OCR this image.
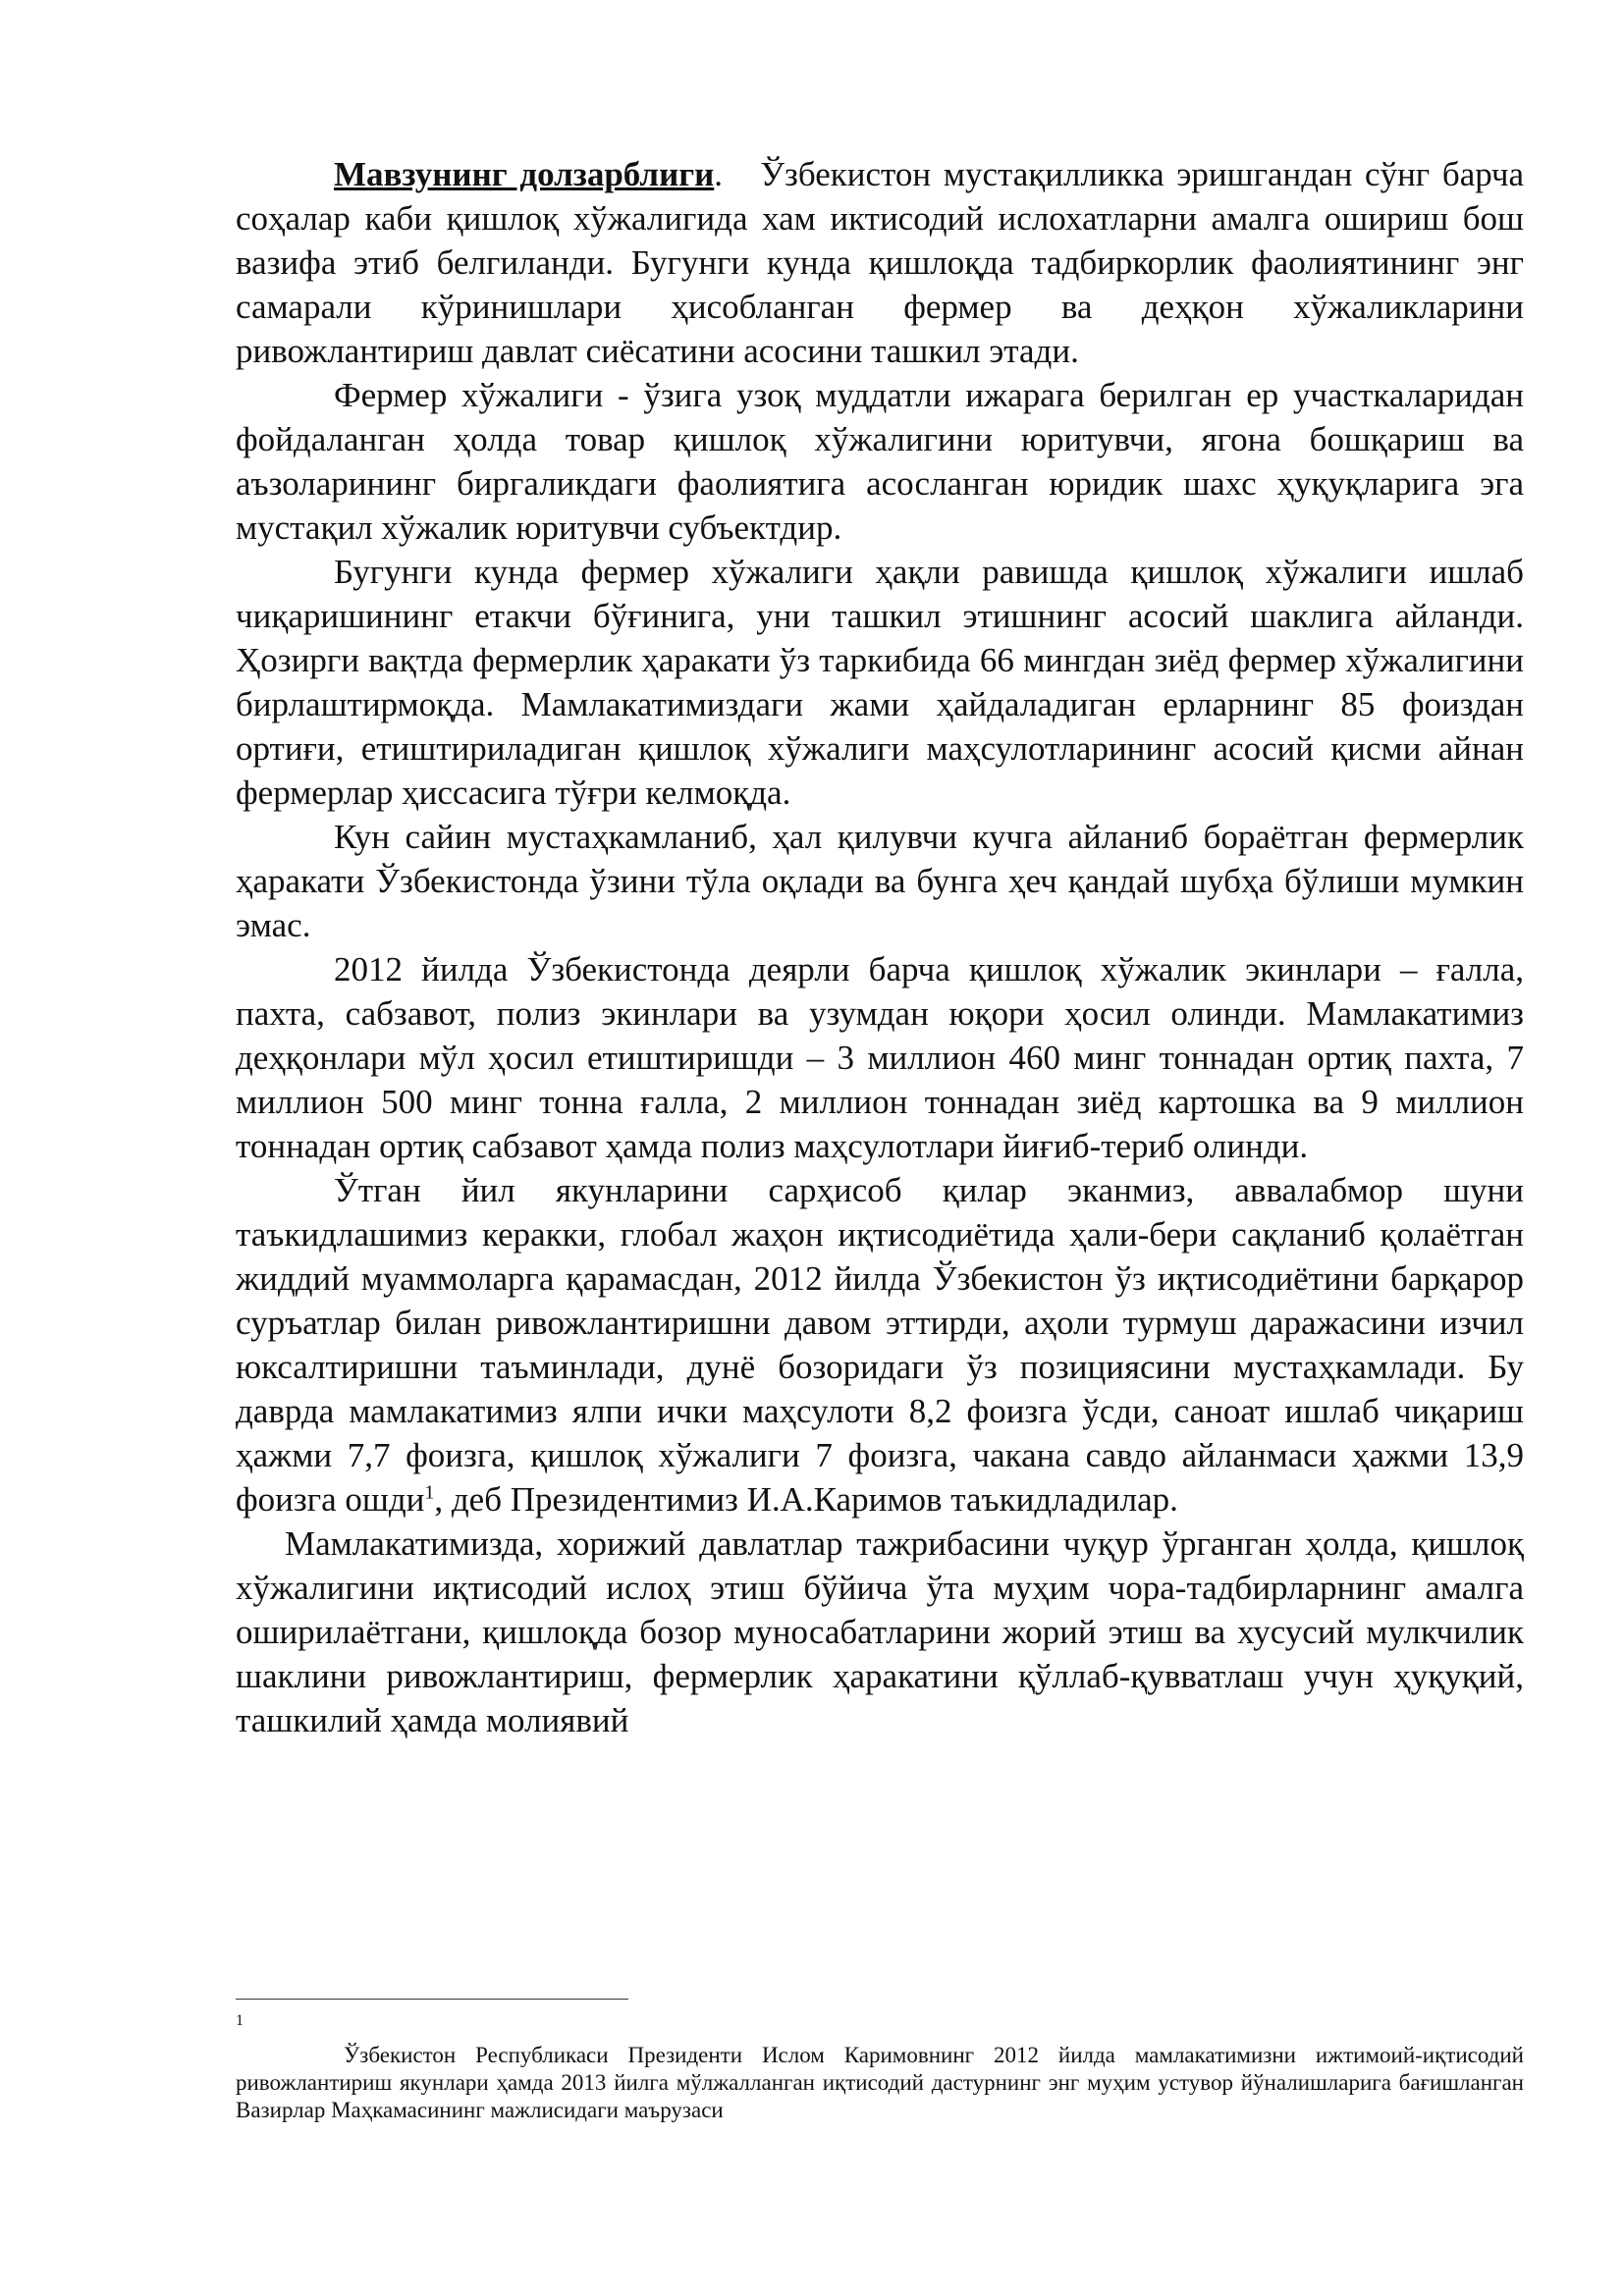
Мавзунинг долзарблиги. Ўзбекистон мустақилликка эришгандан сўнг барча соҳалар каби қишлоқ хўжалигида хам иктисодий ислохатларни амалга ошириш бош вазифа этиб белгиланди. Бугунги кунда қишлоқда тадбиркорлик фаолиятининг энг самарали кўринишлари ҳисобланган фермер ва деҳқон хўжаликларини ривожлантириш давлат сиёсатини асосини ташкил этади.

Фермер хўжалиги - ўзига узоқ муддатли ижарага берилган ер участкаларидан фойдаланган ҳолда товар қишлоқ хўжалигини юритувчи, ягона бошқариш ва аъзоларининг биргаликдаги фаолиятига асосланган юридик шахс ҳуқуқларига эга мустақил хўжалик юритувчи субъектдир.

Бугунги кунда фермер хўжалиги ҳақли равишда қишлоқ хўжалиги ишлаб чиқаришининг етакчи бўғинига, уни ташкил этишнинг асосий шаклига айланди. Ҳозирги вақтда фермерлик ҳаракати ўз таркибида 66 мингдан зиёд фермер хўжалигини бирлаштирмоқда. Мамлакатимиздаги жами ҳайдаладиган ерларнинг 85 фоиздан ортиғи, етиштириладиган қишлоқ хўжалиги маҳсулотларининг асосий қисми айнан фермерлар ҳиссасига тўғри келмоқда.

Кун сайин мустаҳкамланиб, ҳал қилувчи кучга айланиб бораётган фермерлик ҳаракати Ўзбекистонда ўзини тўла оқлади ва бунга ҳеч қандай шубҳа бўлиши мумкин эмас.

2012 йилда Ўзбекистонда деярли барча қишлоқ хўжалик экинлари – ғалла, пахта, сабзавот, полиз экинлари ва узумдан юқори ҳосил олинди. Мамлакатимиз деҳқонлари мўл ҳосил етиштиришди – 3 миллион 460 минг тоннадан ортиқ пахта, 7 миллион 500 минг тонна ғалла, 2 миллион тоннадан зиёд картошка ва 9 миллион тоннадан ортиқ сабзавот ҳамда полиз маҳсулотлари йиғиб-териб олинди.

Ўтган йил якунларини сарҳисоб қилар эканмиз, аввалабмор шуни таъкидлашимиз керакки, глобал жаҳон иқтисодиётида ҳали-бери сақланиб қолаётган жиддий муаммоларга қарамасдан, 2012 йилда Ўзбекистон ўз иқтисодиётини барқарор суръатлар билан ривожлантиришни давом эттирди, аҳоли турмуш даражасини изчил юксалтиришни таъминлади, дунё бозоридаги ўз позициясини мустаҳкамлади. Бу даврда мамлакатимиз ялпи ички маҳсулоти 8,2 фоизга ўсди, саноат ишлаб чиқариш ҳажми 7,7 фоизга, қишлоқ хўжалиги 7 фоизга, чакана савдо айланмаси ҳажми 13,9 фоизга ошди$^1$, деб Президентимиз И.А.Каримов таъкидладилар.

Мамлакатимизда, хорижий давлатлар тажрибасини чуқур ўрганган ҳолда, қишлоқ хўжалигини иқтисодий ислоҳ этиш бўйича ўта муҳим чора-тадбирларнинг амалга оширилаётгани, қишлоқда бозор муносабатларини жорий этиш ва хусусий мулкчилик шаклини ривожлантириш, фермерлик ҳаракатини қўллаб-қувватлаш учун ҳуқуқий, ташкилий ҳамда молиявий

1

Ўзбекистон Республикаси Президенти Ислом Каримовнинг 2012 йилда мамлакатимизни ижтимоий-иқтисодий ривожлантириш якунлари ҳамда 2013 йилга мўлжалланган иқтисодий дастурнинг энг муҳим устувор йўналишларига бағишланган Вазирлар Маҳкамасининг мажлисидаги маърузаси
